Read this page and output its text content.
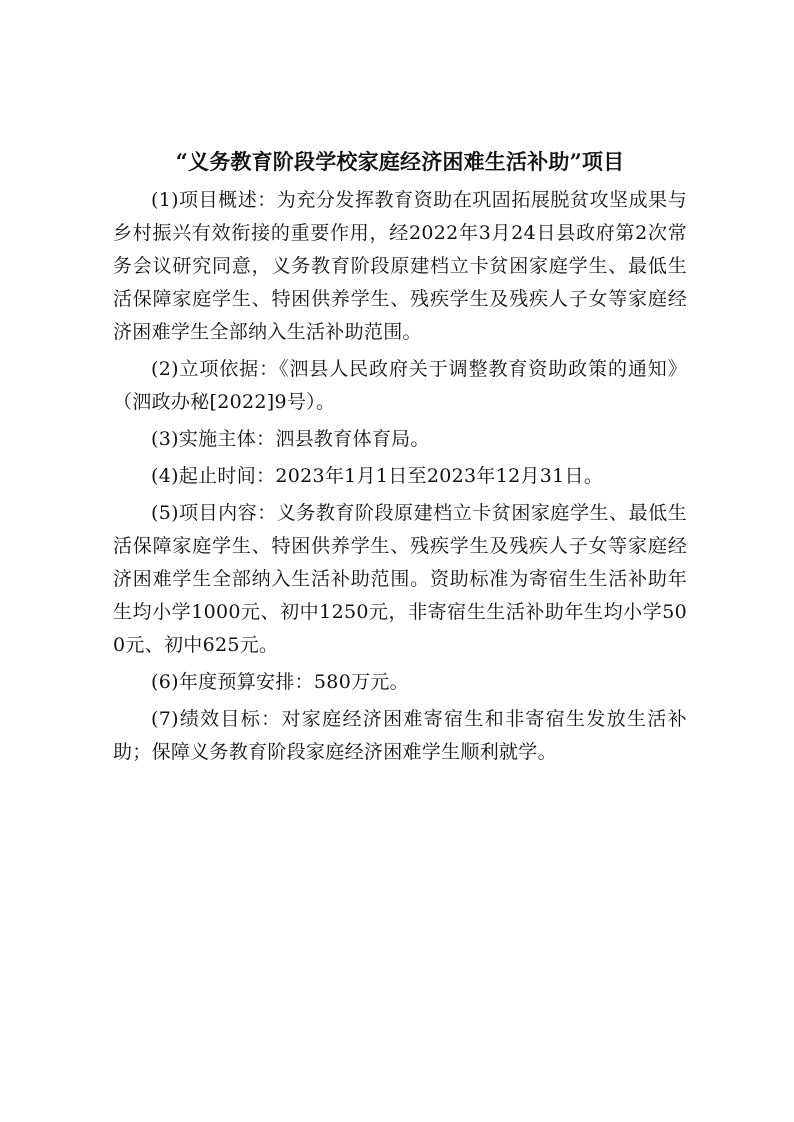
“义务教育阶段学校家庭经济困难生活补助”项目

(1)项目概述：为充分发挥教育资助在巩固拓展脱贫攻坚成果与乡村振兴有效衔接的重要作用，经2022年3月24日县政府第2次常务会议研究同意，义务教育阶段原建档立卡贫困家庭学生、最低生活保障家庭学生、特困供养学生、残疾学生及残疾人子女等家庭经济困难学生全部纳入生活补助范围。

(2)立项依据：《泗县人民政府关于调整教育资助政策的通知》（泗政办秘[2022]9号）。

(3)实施主体：泗县教育体育局。

(4)起止时间：2023年1月1日至2023年12月31日。

(5)项目内容：义务教育阶段原建档立卡贫困家庭学生、最低生活保障家庭学生、特困供养学生、残疾学生及残疾人子女等家庭经济困难学生全部纳入生活补助范围。资助标准为寄宿生生活补助年生均小学1000元、初中1250元，非寄宿生生活补助年生均小学500元、初中625元。

(6)年度预算安排：580万元。

(7)绩效目标：对家庭经济困难寄宿生和非寄宿生发放生活补助；保障义务教育阶段家庭经济困难学生顺利就学。
